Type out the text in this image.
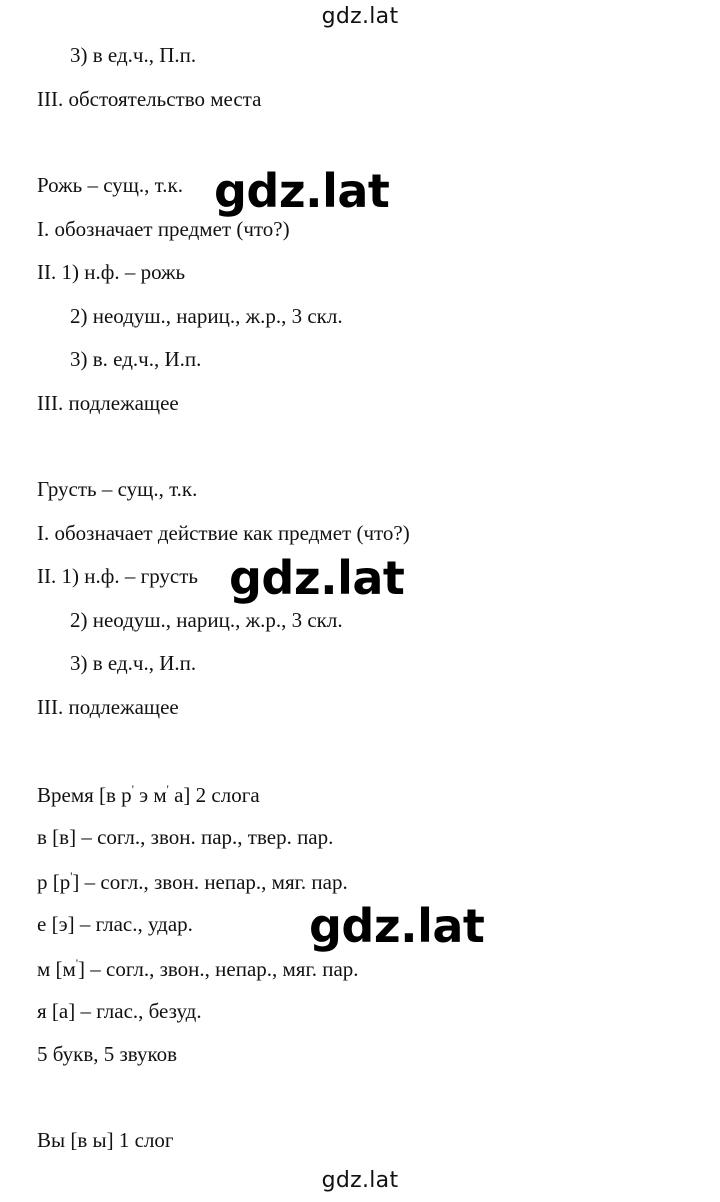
gdz.lat
3) в ед.ч., П.п.
III. обстоятельство места
Рожь – сущ., т.к.
I. обозначает предмет (что?)
II. 1) н.ф. – рожь
2) неодуш., нариц., ж.р., 3 скл.
3) в. ед.ч., И.п.
III. подлежащее
Грусть – сущ., т.к.
I. обозначает действие как предмет (что?)
II. 1) н.ф. – грусть
2) неодуш., нариц., ж.р., 3 скл.
3) в ед.ч., И.п.
III. подлежащее
Время [в р' э м' а] 2 слога
в [в] – согл., звон. пар., твер. пар.
р [р'] – согл., звон. непар., мяг. пар.
е [э] – глас., удар.
м [м'] – согл., звон., непар., мяг. пар.
я [а] – глас., безуд.
5 букв, 5 звуков
Вы [в ы] 1 слог
gdz.lat
gdz.lat
gdz.lat
gdz.lat
